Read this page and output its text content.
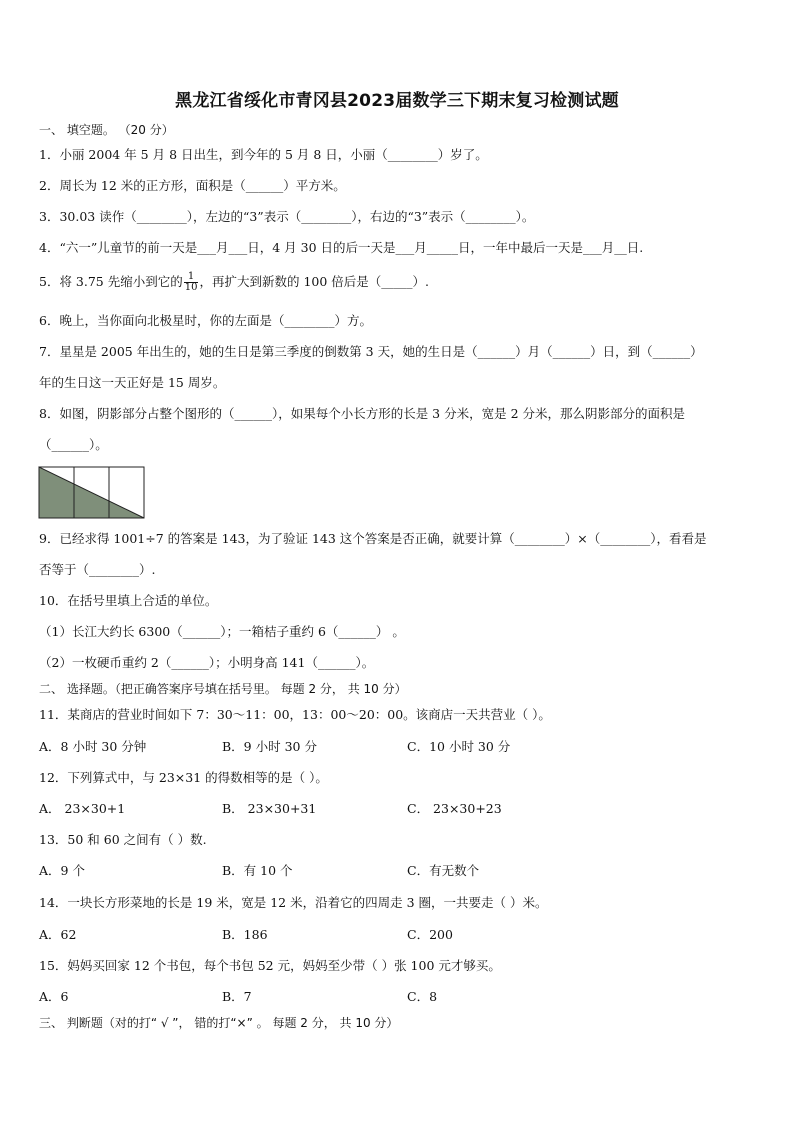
黑龙江省绥化市青冈县2023届数学三下期末复习检测试题
一、 填空题。 （20 分）
1．小丽 2004 年 5 月 8 日出生，到今年的 5 月 8 日，小丽（________）岁了。
2．周长为 12 米的正方形，面积是（______）平方米。
3．30.03 读作（________），左边的“3”表示（________），右边的“3”表示（________）。
4．“六一”儿童节的前一天是___月___日，4 月 30 日的后一天是___月_____日，一年中最后一天是___月__日.
5．将 3.75 先缩小到它的 $\frac{1}{10}$ ，再扩大到新数的 100 倍后是（_____）.
6．晚上，当你面向北极星时，你的左面是（________）方。
7．星星是 2005 年出生的，她的生日是第三季度的倒数第 3 天，她的生日是（______）月（______）日，到（______）
年的生日这一天正好是 15 周岁。
8．如图，阴影部分占整个图形的（______），如果每个小长方形的长是 3 分米，宽是 2 分米，那么阴影部分的面积是
（______）。
9．已经求得 1001÷7 的答案是 143，为了验证 143 这个答案是否正确，就要计算（________）×（________），看看是
否等于（________）.
10．在括号里填上合适的单位。
（1）长江大约长 6300（______）；一箱桔子重约 6（______） 。
（2）一枚硬币重约 2（______）；小明身高 141（______）。
二、 选择题。（把正确答案序号填在括号里。 每题 2 分， 共 10 分）
11．某商店的营业时间如下 7：30～11：00，13：00～20：00。该商店一天共营业（ ）。
A．8 小时 30 分钟	B．9 小时 30 分	C．10 小时 30 分
12．下列算式中，与 23×31 的得数相等的是（ ）。
A． 23×30+1	B． 23×30+31	C． 23×30+23
13．50 和 60 之间有（ ）数.
A．9 个	B．有 10 个	C．有无数个
14．一块长方形菜地的长是 19 米，宽是 12 米，沿着它的四周走 3 圈，一共要走（ ）米。
A．62	B．186	C．200
15．妈妈买回家 12 个书包，每个书包 52 元，妈妈至少带（ ）张 100 元才够买。
A．6	B．7	C．8
三、 判断题（对的打“ √ ”， 错的打“×” 。 每题 2 分， 共 10 分）
